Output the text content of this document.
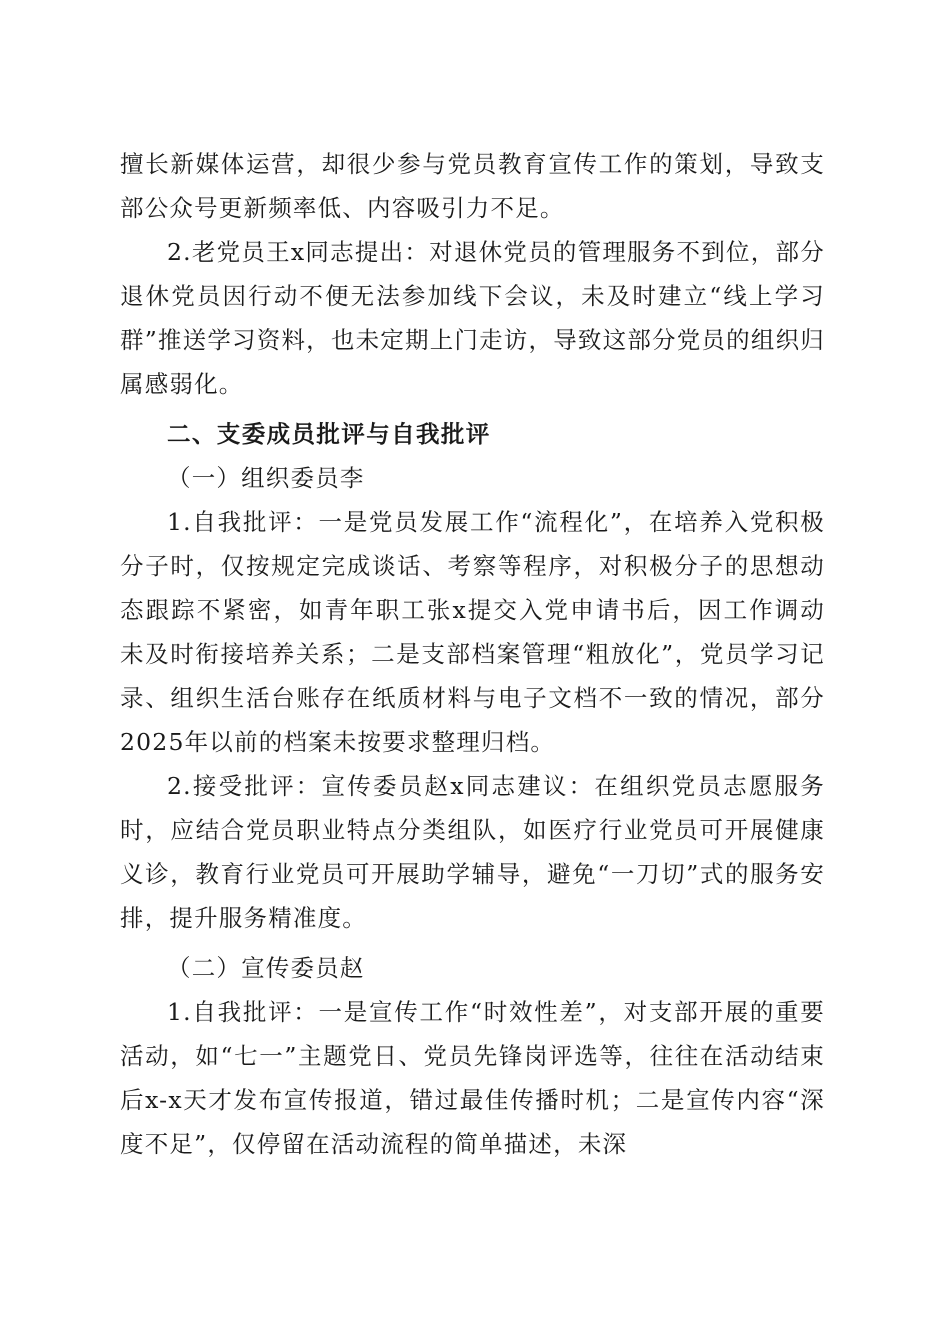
擅长新媒体运营，却很少参与党员教育宣传工作的策划，导致支部公众号更新频率低、内容吸引力不足。

2.老党员王x同志提出：对退休党员的管理服务不到位，部分退休党员因行动不便无法参加线下会议，未及时建立“线上学习群”推送学习资料，也未定期上门走访，导致这部分党员的组织归属感弱化。

二、支委成员批评与自我批评

（一）组织委员李

1.自我批评：一是党员发展工作“流程化”，在培养入党积极分子时，仅按规定完成谈话、考察等程序，对积极分子的思想动态跟踪不紧密，如青年职工张x提交入党申请书后，因工作调动未及时衔接培养关系；二是支部档案管理“粗放化”，党员学习记录、组织生活台账存在纸质材料与电子文档不一致的情况，部分2025年以前的档案未按要求整理归档。

2.接受批评：宣传委员赵x同志建议：在组织党员志愿服务时，应结合党员职业特点分类组队，如医疗行业党员可开展健康义诊，教育行业党员可开展助学辅导，避免“一刀切”式的服务安排，提升服务精准度。

（二）宣传委员赵

1.自我批评：一是宣传工作“时效性差”，对支部开展的重要活动，如“七一”主题党日、党员先锋岗评选等，往往在活动结束后x-x天才发布宣传报道，错过最佳传播时机；二是宣传内容“深度不足”，仅停留在活动流程的简单描述，未深
